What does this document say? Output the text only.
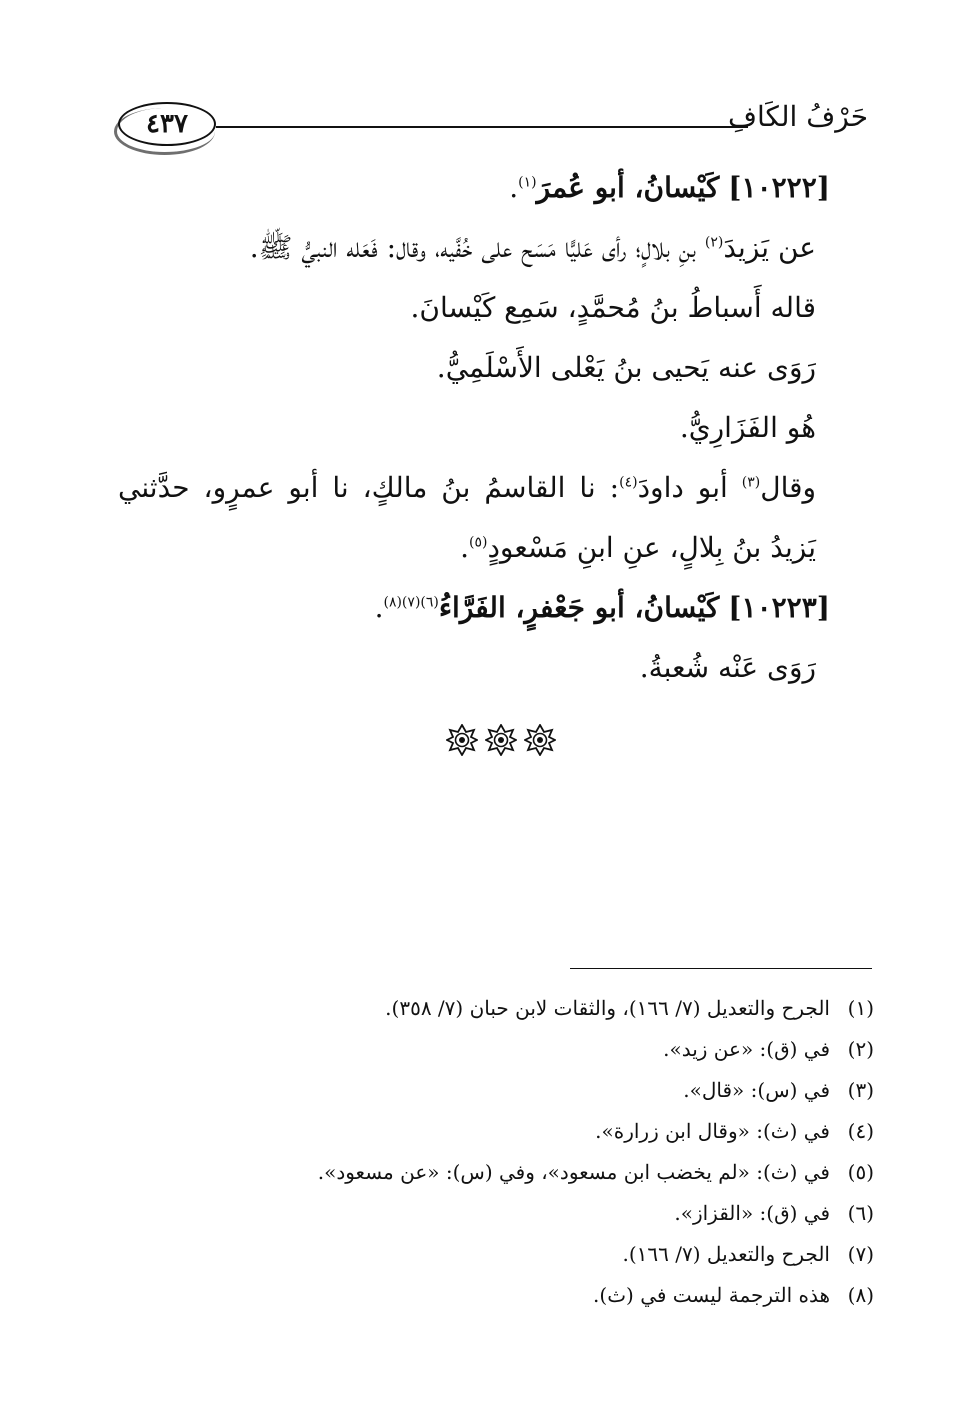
٤٣٧	حَرْفُ الكَافِ
[١٠٢٢٢] كَيْسانُ، أبو عُمرَ$^{(١)}$.
عن يَزيدَ$^{(٢)}$ بنِ بلالٍ؛ رأى عَليًّا مَسَح على خُفَّيه، وقال: فَعَله النبيُّ ﷺ.
قاله أَسباطُ بنُ مُحمَّدٍ، سَمِع كَيْسانَ.
رَوَى عنه يَحيى بنُ يَعْلى الأَسْلَمِيُّ.
هُو الفَزَارِيُّ.
وقال$^{(٣)}$ أبو داودَ$^{(٤)}$: نا القاسمُ بنُ مالكٍ، نا أبو عمرٍو، حدَّثني يَزيدُ بنُ بِلالٍ، عنِ ابنِ مَسْعودٍ$^{(٥)}$.
[١٠٢٢٣] كَيْسانُ، أبو جَعْفرٍ، الفَرَّاءُ$^{(٦)(٧)(٨)}$.
رَوَى عَنْه شُعبةُ.
(١)الجرح والتعديل (٧/ ١٦٦)، والثقات لابن حبان (٧/ ٣٥٨).
(٢)في (ق): «عن زيد».
(٣)في (س): «قال».
(٤)في (ث): «وقال ابن زرارة».
(٥)في (ث): «لم يخضب ابن مسعود»، وفي (س): «عن مسعود».
(٦)في (ق): «القزاز».
(٧)الجرح والتعديل (٧/ ١٦٦).
(٨)هذه الترجمة ليست في (ث).
